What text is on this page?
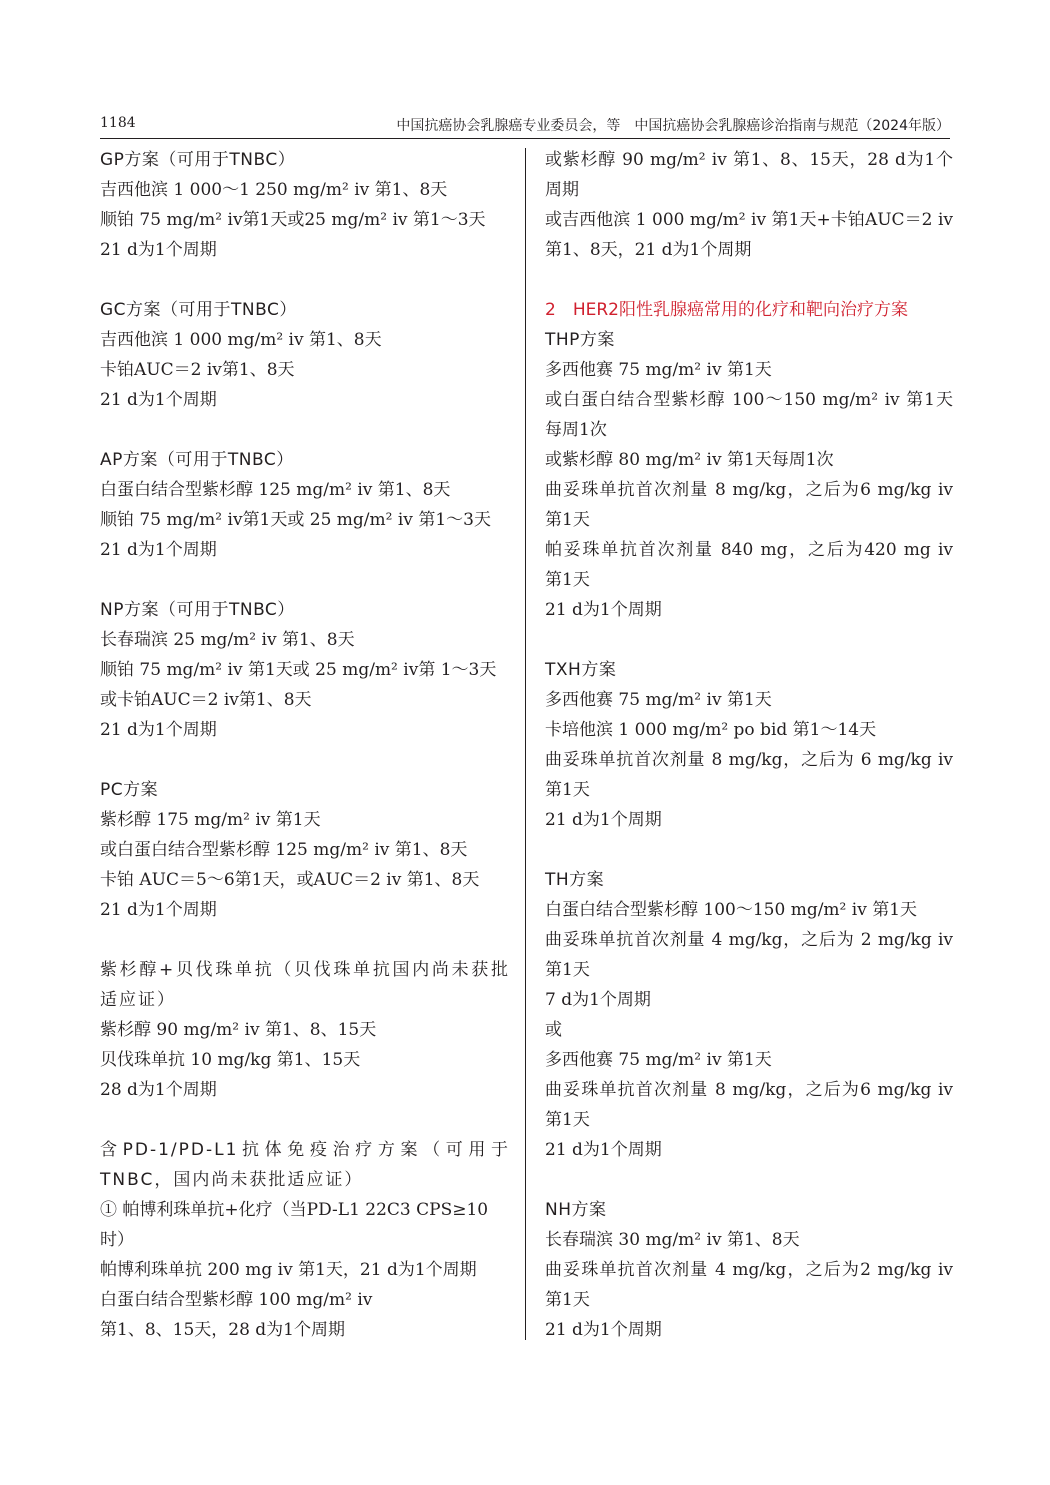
1184	中国抗癌协会乳腺癌专业委员会，等　中国抗癌协会乳腺癌诊治指南与规范（2024年版）
GP方案（可用于TNBC）
吉西他滨 1 000～1 250 mg/m² iv 第1、8天
顺铂 75 mg/m² iv第1天或25 mg/m² iv 第1～3天
21 d为1个周期
GC方案（可用于TNBC）
吉西他滨 1 000 mg/m² iv 第1、8天
卡铂AUC＝2 iv第1、8天
21 d为1个周期
AP方案（可用于TNBC）
白蛋白结合型紫杉醇 125 mg/m² iv 第1、8天
顺铂 75 mg/m² iv第1天或 25 mg/m² iv 第1～3天
21 d为1个周期
NP方案（可用于TNBC）
长春瑞滨 25 mg/m² iv 第1、8天
顺铂 75 mg/m² iv 第1天或 25 mg/m² iv第 1～3天
或卡铂AUC＝2 iv第1、8天
21 d为1个周期
PC方案
紫杉醇 175 mg/m² iv 第1天
或白蛋白结合型紫杉醇 125 mg/m² iv 第1、8天
卡铂 AUC＝5～6第1天，或AUC＝2 iv 第1、8天
21 d为1个周期
紫杉醇+贝伐珠单抗（贝伐珠单抗国内尚未获批
适应证）
紫杉醇 90 mg/m² iv 第1、8、15天
贝伐珠单抗 10 mg/kg 第1、15天
28 d为1个周期
含PD-1/PD-L1抗体免疫治疗方案（可用于
TNBC，国内尚未获批适应证）
① 帕博利珠单抗+化疗（当PD-L1 22C3 CPS≥10
时）
帕博利珠单抗 200 mg iv 第1天，21 d为1个周期
白蛋白结合型紫杉醇 100 mg/m² iv
第1、8、15天，28 d为1个周期
或紫杉醇 90 mg/m² iv 第1、8、15天，28 d为1个
周期
或吉西他滨 1 000 mg/m² iv 第1天+卡铂AUC＝2 iv
第1、8天，21 d为1个周期
2　HER2阳性乳腺癌常用的化疗和靶向治疗方案
THP方案
多西他赛 75 mg/m² iv 第1天
或白蛋白结合型紫杉醇 100～150 mg/m² iv 第1天
每周1次
或紫杉醇 80 mg/m² iv 第1天每周1次
曲妥珠单抗首次剂量 8 mg/kg，之后为6 mg/kg iv
第1天
帕妥珠单抗首次剂量 840 mg，之后为420 mg iv
第1天
21 d为1个周期
TXH方案
多西他赛 75 mg/m² iv 第1天
卡培他滨 1 000 mg/m² po bid 第1～14天
曲妥珠单抗首次剂量 8 mg/kg，之后为 6 mg/kg iv
第1天
21 d为1个周期
TH方案
白蛋白结合型紫杉醇 100～150 mg/m² iv 第1天
曲妥珠单抗首次剂量 4 mg/kg，之后为 2 mg/kg iv
第1天
7 d为1个周期
或
多西他赛 75 mg/m² iv 第1天
曲妥珠单抗首次剂量 8 mg/kg，之后为6 mg/kg iv
第1天
21 d为1个周期
NH方案
长春瑞滨 30 mg/m² iv 第1、8天
曲妥珠单抗首次剂量 4 mg/kg，之后为2 mg/kg iv
第1天
21 d为1个周期
